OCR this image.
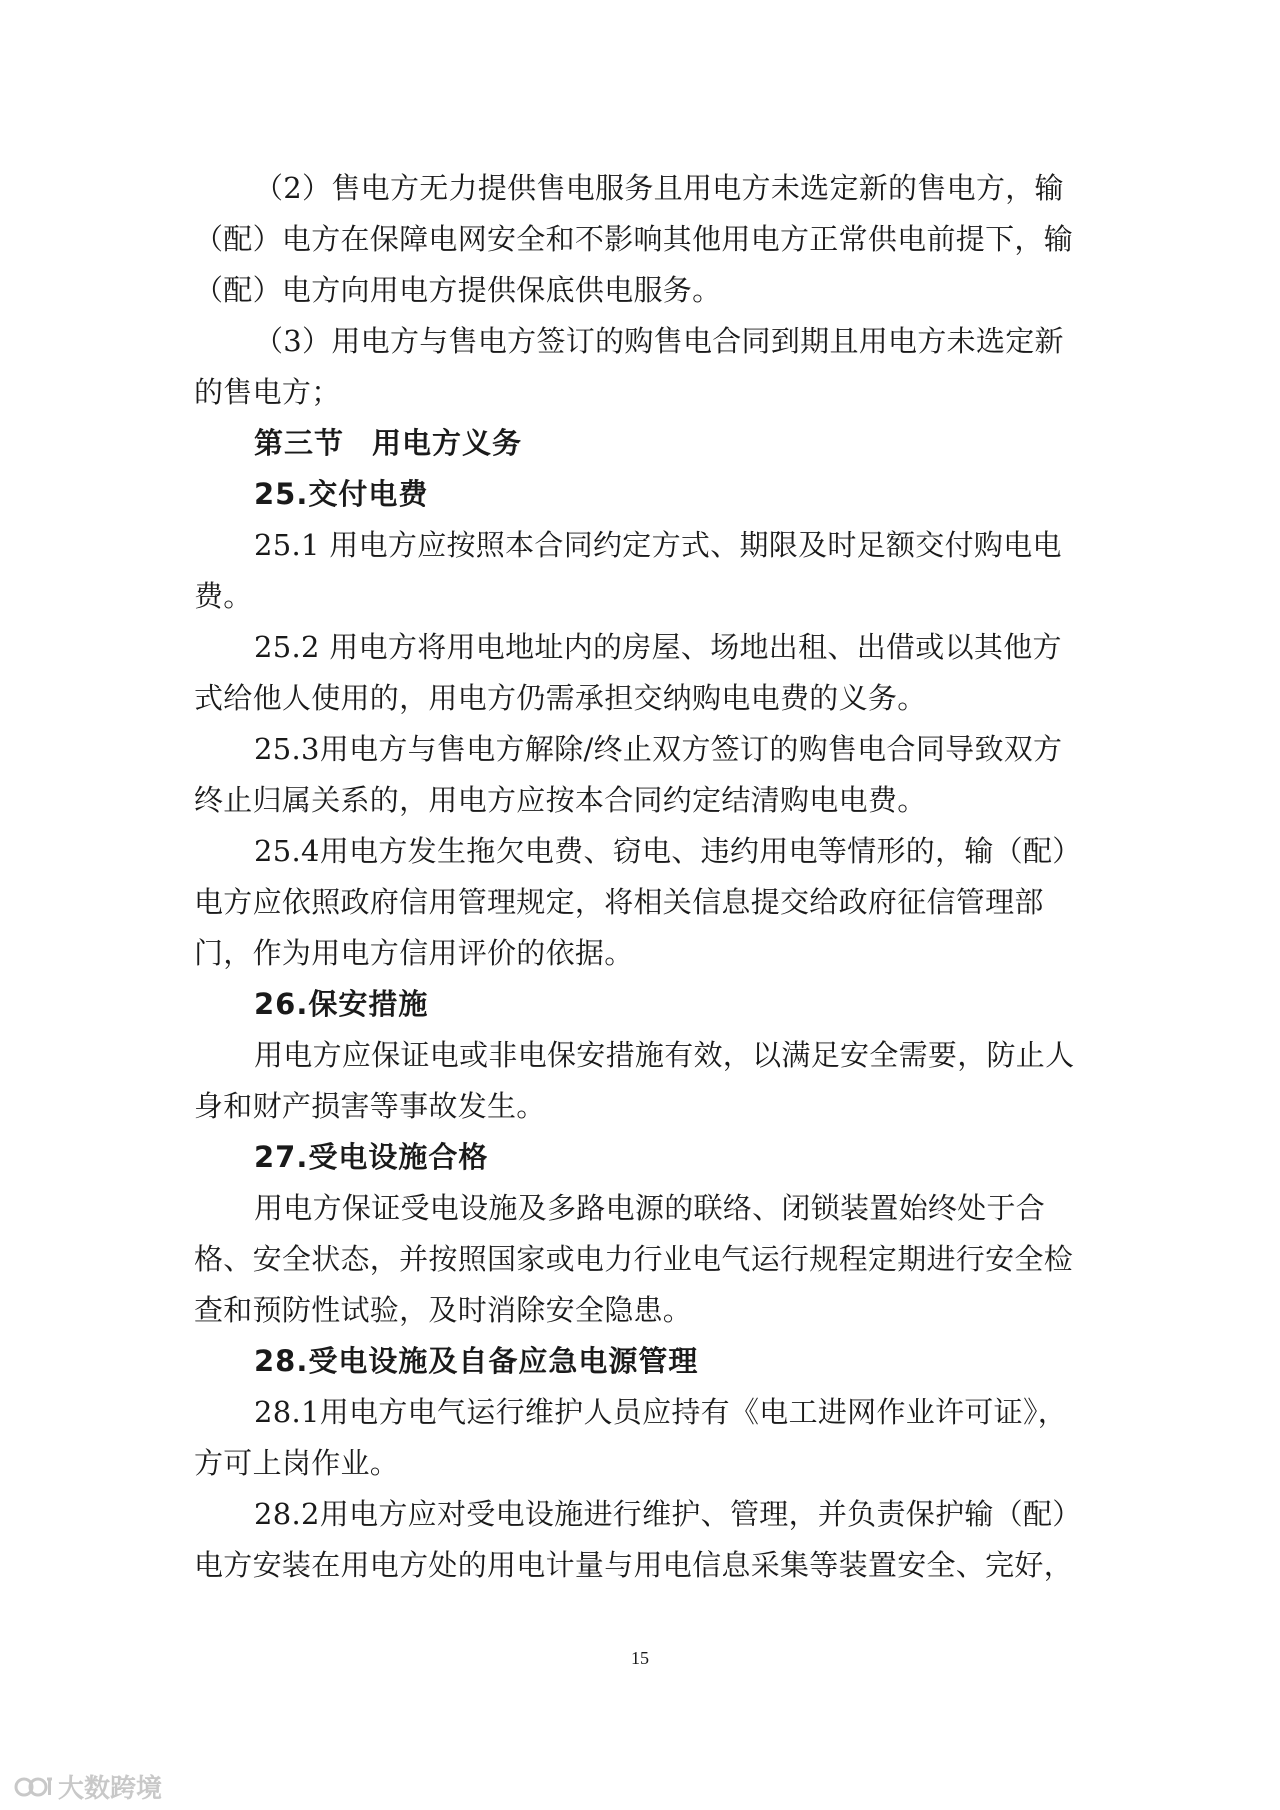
（2）售电方无力提供售电服务且用电方未选定新的售电方，输

（配）电方在保障电网安全和不影响其他用电方正常供电前提下，输

（配）电方向用电方提供保底供电服务。

（3）用电方与售电方签订的购售电合同到期且用电方未选定新

的售电方；

第三节 用电方义务

25.交付电费

25.1 用电方应按照本合同约定方式、期限及时足额交付购电电

费。

25.2 用电方将用电地址内的房屋、场地出租、出借或以其他方

式给他人使用的，用电方仍需承担交纳购电电费的义务。

25.3用电方与售电方解除/终止双方签订的购售电合同导致双方

终止归属关系的，用电方应按本合同约定结清购电电费。

25.4用电方发生拖欠电费、窃电、违约用电等情形的，输（配）

电方应依照政府信用管理规定，将相关信息提交给政府征信管理部

门，作为用电方信用评价的依据。

26.保安措施

用电方应保证电或非电保安措施有效，以满足安全需要，防止人

身和财产损害等事故发生。

27.受电设施合格

用电方保证受电设施及多路电源的联络、闭锁装置始终处于合

格、安全状态，并按照国家或电力行业电气运行规程定期进行安全检

查和预防性试验，及时消除安全隐患。

28.受电设施及自备应急电源管理

28.1用电方电气运行维护人员应持有《电工进网作业许可证》，

方可上岗作业。

28.2用电方应对受电设施进行维护、管理，并负责保护输（配）

电方安装在用电方处的用电计量与用电信息采集等装置安全、完好，

15
大数跨境
